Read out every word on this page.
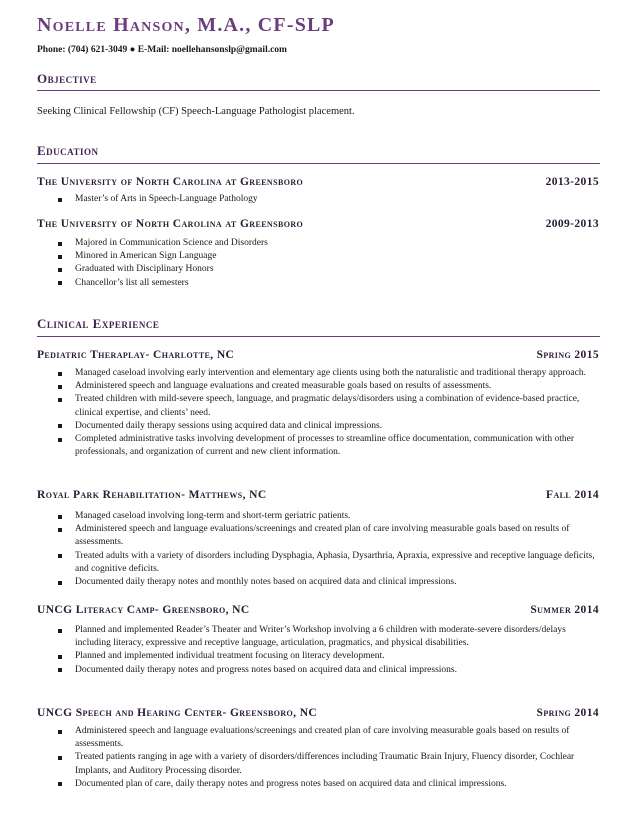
Noelle Hanson, M.A., CF-SLP
Phone: (704) 621-3049 ● E-Mail: noellehansonslp@gmail.com
Objective
Seeking Clinical Fellowship (CF) Speech-Language Pathologist placement.
Education
The University of North Carolina at Greensboro	2013-2015
Master’s of Arts in Speech-Language Pathology
The University of North Carolina at Greensboro	2009-2013
Majored in Communication Science and Disorders
Minored in American Sign Language
Graduated with Disciplinary Honors
Chancellor’s list all semesters
Clinical Experience
Pediatric Theraplay- Charlotte, NC	Spring 2015
Managed caseload involving early intervention and elementary age clients using both the naturalistic and traditional therapy approach.
Administered speech and language evaluations and created measurable goals based on results of assessments.
Treated children with mild-severe speech, language, and pragmatic delays/disorders using a combination of evidence-based practice, clinical expertise, and clients’ need.
Documented daily therapy sessions using acquired data and clinical impressions.
Completed administrative tasks involving development of processes to streamline office documentation, communication with other professionals, and organization of current and new client information.
Royal Park Rehabilitation- Matthews, NC	Fall 2014
Managed caseload involving long-term and short-term geriatric patients.
Administered speech and language evaluations/screenings and created plan of care involving measurable goals based on results of assessments.
Treated adults with a variety of disorders including Dysphagia, Aphasia, Dysarthria, Apraxia, expressive and receptive language deficits, and cognitive deficits.
Documented daily therapy notes and monthly notes based on acquired data and clinical impressions.
UNCG Literacy Camp- Greensboro, NC	Summer 2014
Planned and implemented Reader’s Theater and Writer’s Workshop involving a 6 children with moderate-severe disorders/delays including literacy, expressive and receptive language, articulation, pragmatics, and physical disabilities.
Planned and implemented individual treatment focusing on literacy development.
Documented daily therapy notes and progress notes based on acquired data and clinical impressions.
UNCG Speech and Hearing Center- Greensboro, NC	Spring 2014
Administered speech and language evaluations/screenings and created plan of care involving measurable goals based on results of assessments.
Treated patients ranging in age with a variety of disorders/differences including Traumatic Brain Injury, Fluency disorder, Cochlear Implants, and Auditory Processing disorder.
Documented plan of care, daily therapy notes and progress notes based on acquired data and clinical impressions.
